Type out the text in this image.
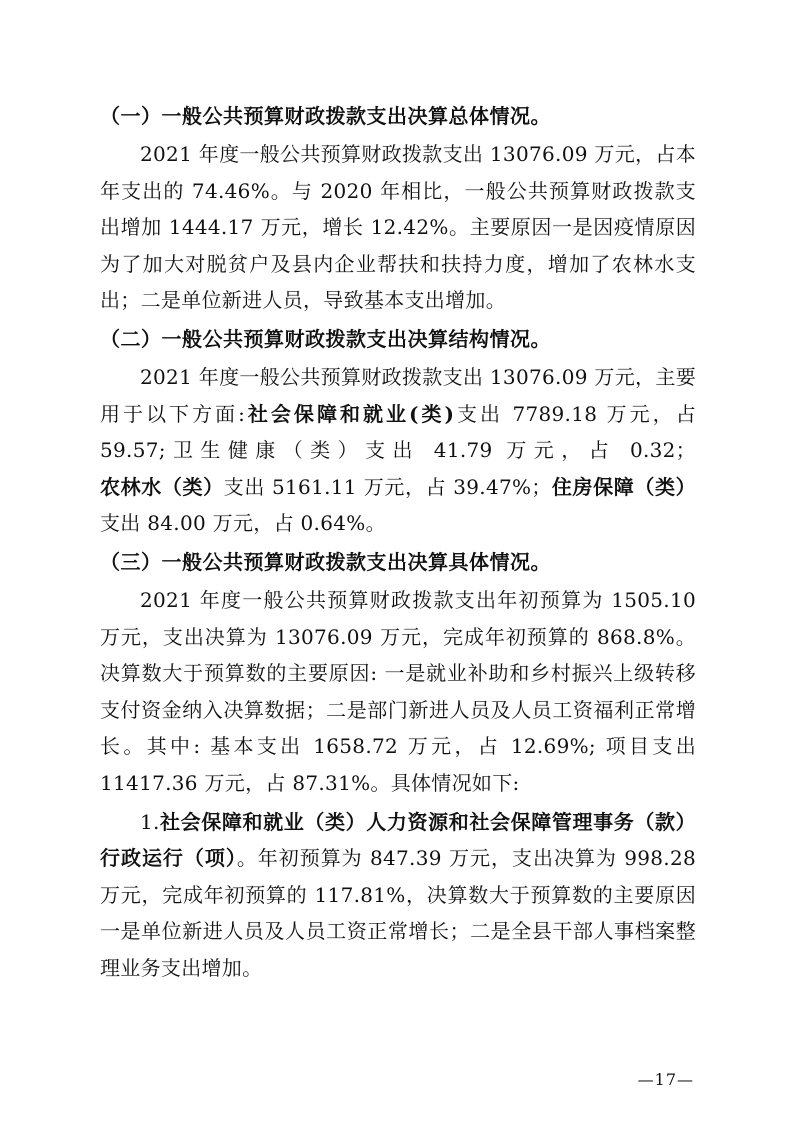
（一）一般公共预算财政拨款支出决算总体情况。

2021 年度一般公共预算财政拨款支出 13076.09 万元，占本年支出的 74.46%。与 2020 年相比，一般公共预算财政拨款支出增加 1444.17 万元，增长 12.42%。主要原因一是因疫情原因为了加大对脱贫户及县内企业帮扶和扶持力度，增加了农林水支出；二是单位新进人员，导致基本支出增加。

（二）一般公共预算财政拨款支出决算结构情况。

2021 年度一般公共预算财政拨款支出 13076.09 万元，主要用于以下方面:社会保障和就业(类)支出 7789.18 万元，占 59.57;卫生健康（类）支出 41.79 万元，占 0.32；农林水（类）支出 5161.11 万元，占 39.47%；住房保障（类）支出 84.00 万元，占 0.64%。

（三）一般公共预算财政拨款支出决算具体情况。

2021 年度一般公共预算财政拨款支出年初预算为 1505.10 万元，支出决算为 13076.09 万元，完成年初预算的 868.8%。决算数大于预算数的主要原因: 一是就业补助和乡村振兴上级转移支付资金纳入决算数据；二是部门新进人员及人员工资福利正常增长。其中: 基本支出 1658.72 万元，占 12.69%; 项目支出 11417.36 万元，占 87.31%。具体情况如下:

1.社会保障和就业（类）人力资源和社会保障管理事务（款）行政运行（项）。年初预算为 847.39 万元，支出决算为 998.28 万元，完成年初预算的 117.81%，决算数大于预算数的主要原因一是单位新进人员及人员工资正常增长；二是全县干部人事档案整理业务支出增加。

—17—
